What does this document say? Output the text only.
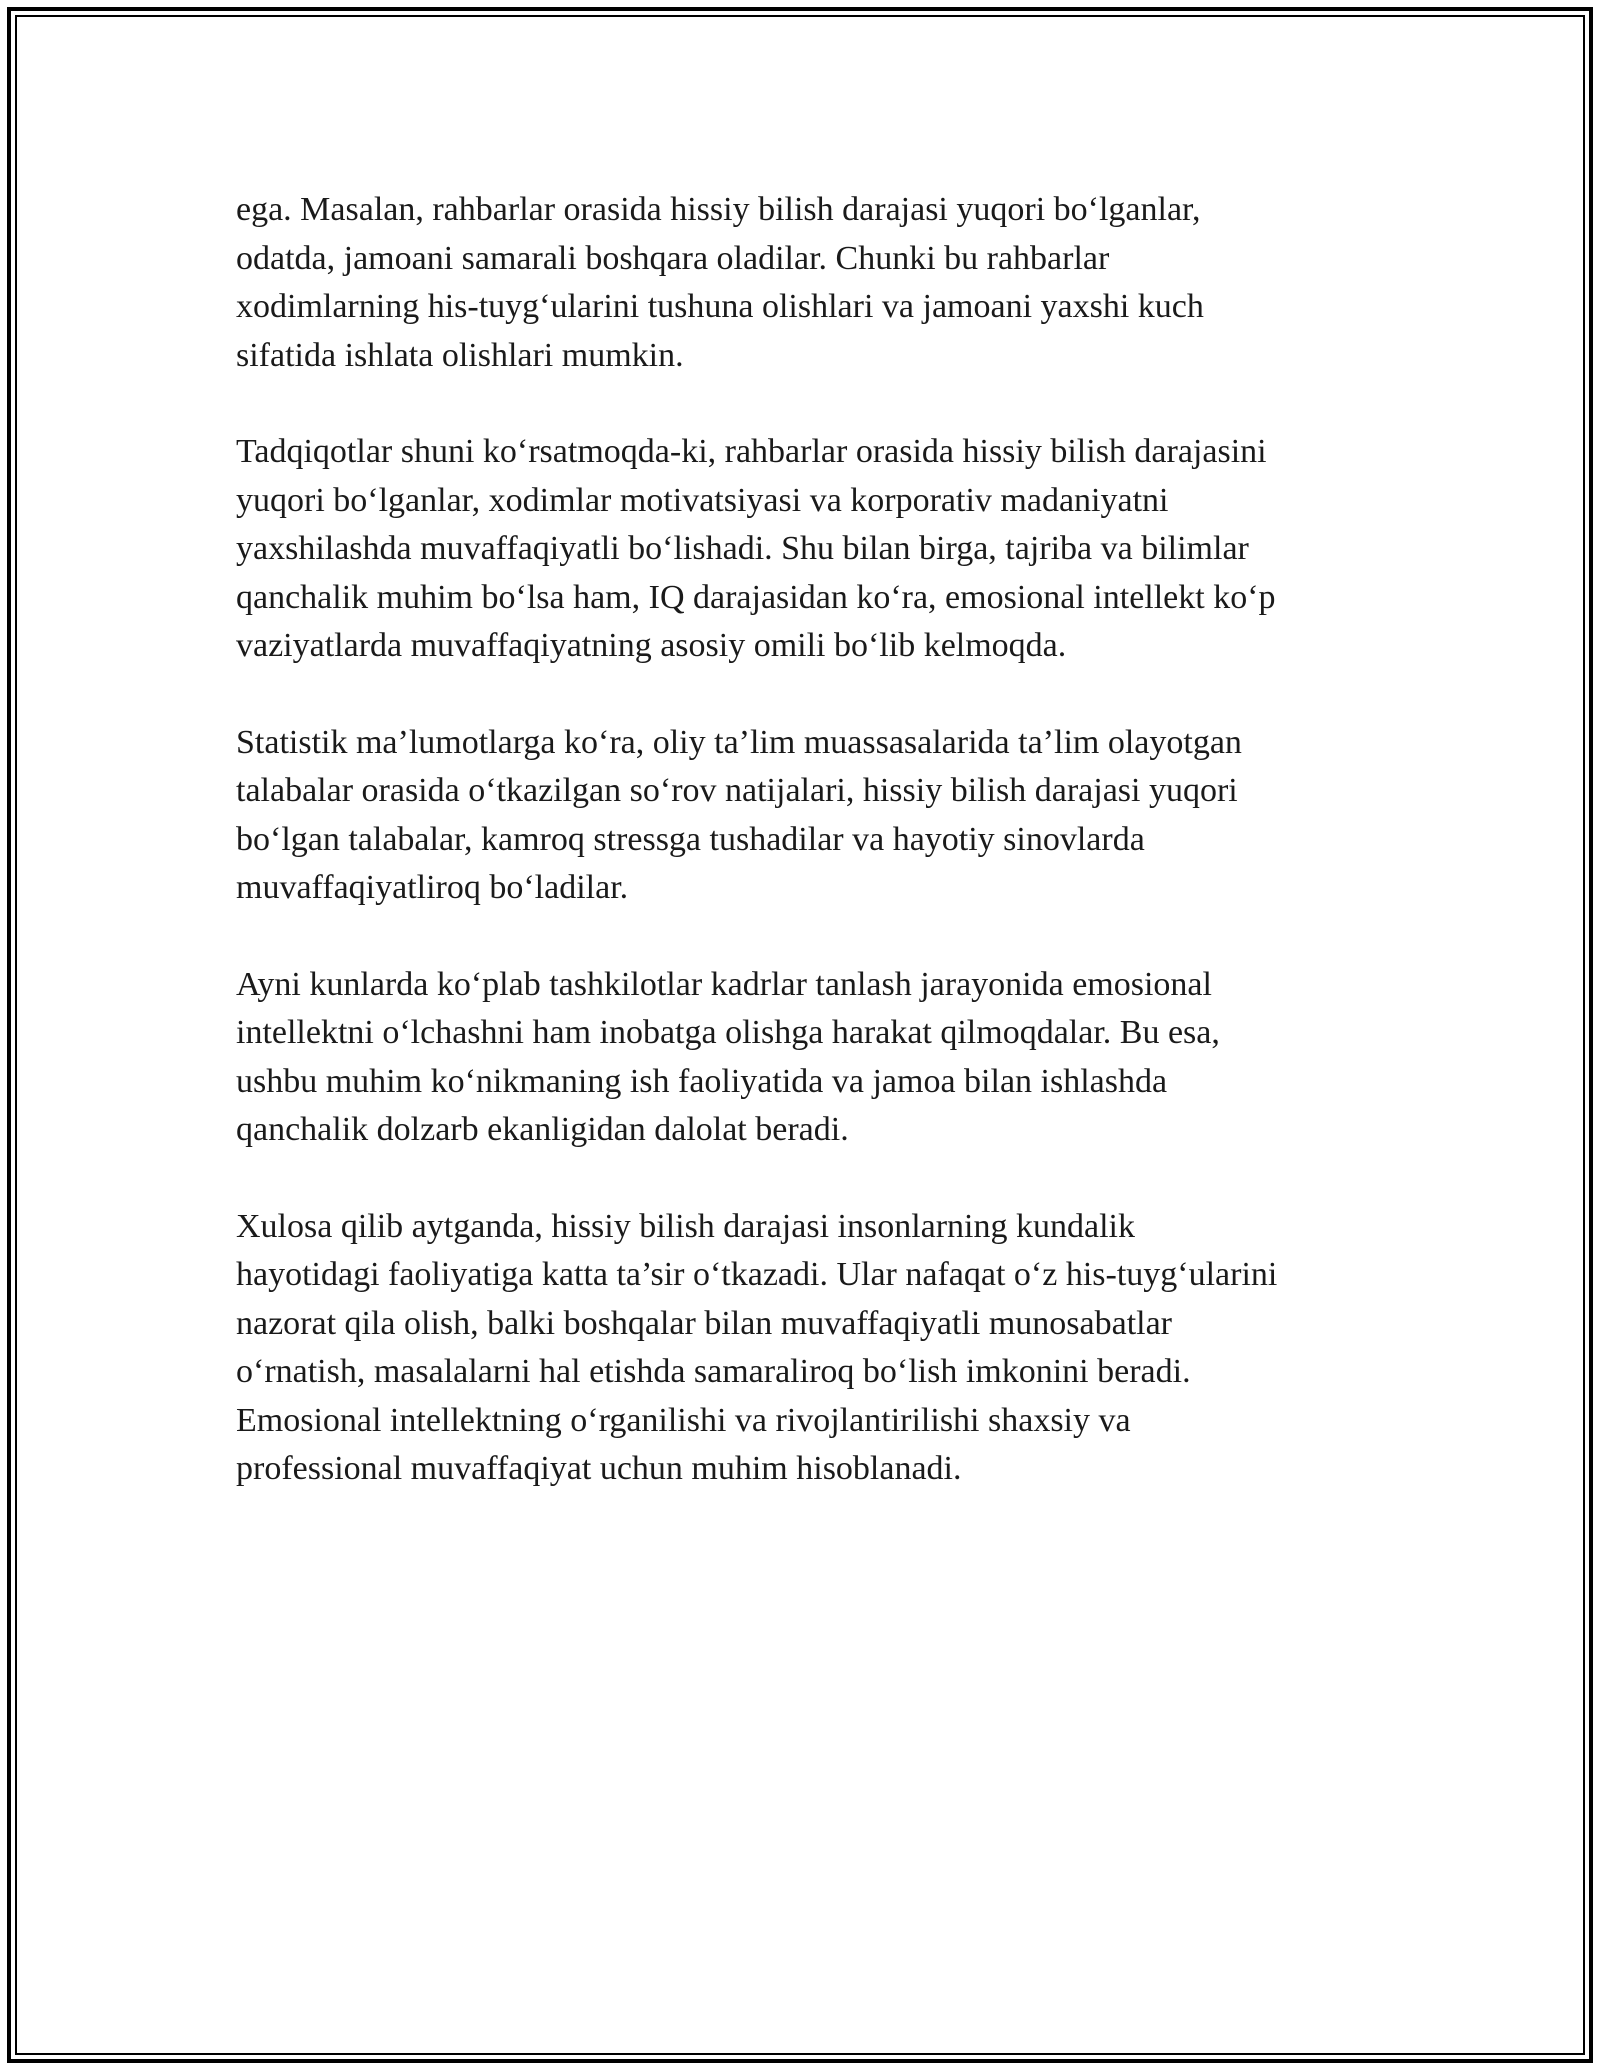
ega. Masalan, rahbarlar orasida hissiy bilish darajasi yuqori bo‘lganlar,
odatda, jamoani samarali boshqara oladilar. Chunki bu rahbarlar
xodimlarning his-tuyg‘ularini tushuna olishlari va jamoani yaxshi kuch
sifatida ishlata olishlari mumkin.

Tadqiqotlar shuni ko‘rsatmoqda-ki, rahbarlar orasida hissiy bilish darajasini
yuqori bo‘lganlar, xodimlar motivatsiyasi va korporativ madaniyatni
yaxshilashda muvaffaqiyatli bo‘lishadi. Shu bilan birga, tajriba va bilimlar
qanchalik muhim bo‘lsa ham, IQ darajasidan ko‘ra, emosional intellekt ko‘p
vaziyatlarda muvaffaqiyatning asosiy omili bo‘lib kelmoqda.

Statistik ma’lumotlarga ko‘ra, oliy ta’lim muassasalarida ta’lim olayotgan
talabalar orasida o‘tkazilgan so‘rov natijalari, hissiy bilish darajasi yuqori
bo‘lgan talabalar, kamroq stressga tushadilar va hayotiy sinovlarda
muvaffaqiyatliroq bo‘ladilar.

Ayni kunlarda ko‘plab tashkilotlar kadrlar tanlash jarayonida emosional
intellektni o‘lchashni ham inobatga olishga harakat qilmoqdalar. Bu esa,
ushbu muhim ko‘nikmaning ish faoliyatida va jamoa bilan ishlashda
qanchalik dolzarb ekanligidan dalolat beradi.

Xulosa qilib aytganda, hissiy bilish darajasi insonlarning kundalik
hayotidagi faoliyatiga katta ta’sir o‘tkazadi. Ular nafaqat o‘z his-tuyg‘ularini
nazorat qila olish, balki boshqalar bilan muvaffaqiyatli munosabatlar
o‘rnatish, masalalarni hal etishda samaraliroq bo‘lish imkonini beradi.
Emosional intellektning o‘rganilishi va rivojlantirilishi shaxsiy va
professional muvaffaqiyat uchun muhim hisoblanadi.
